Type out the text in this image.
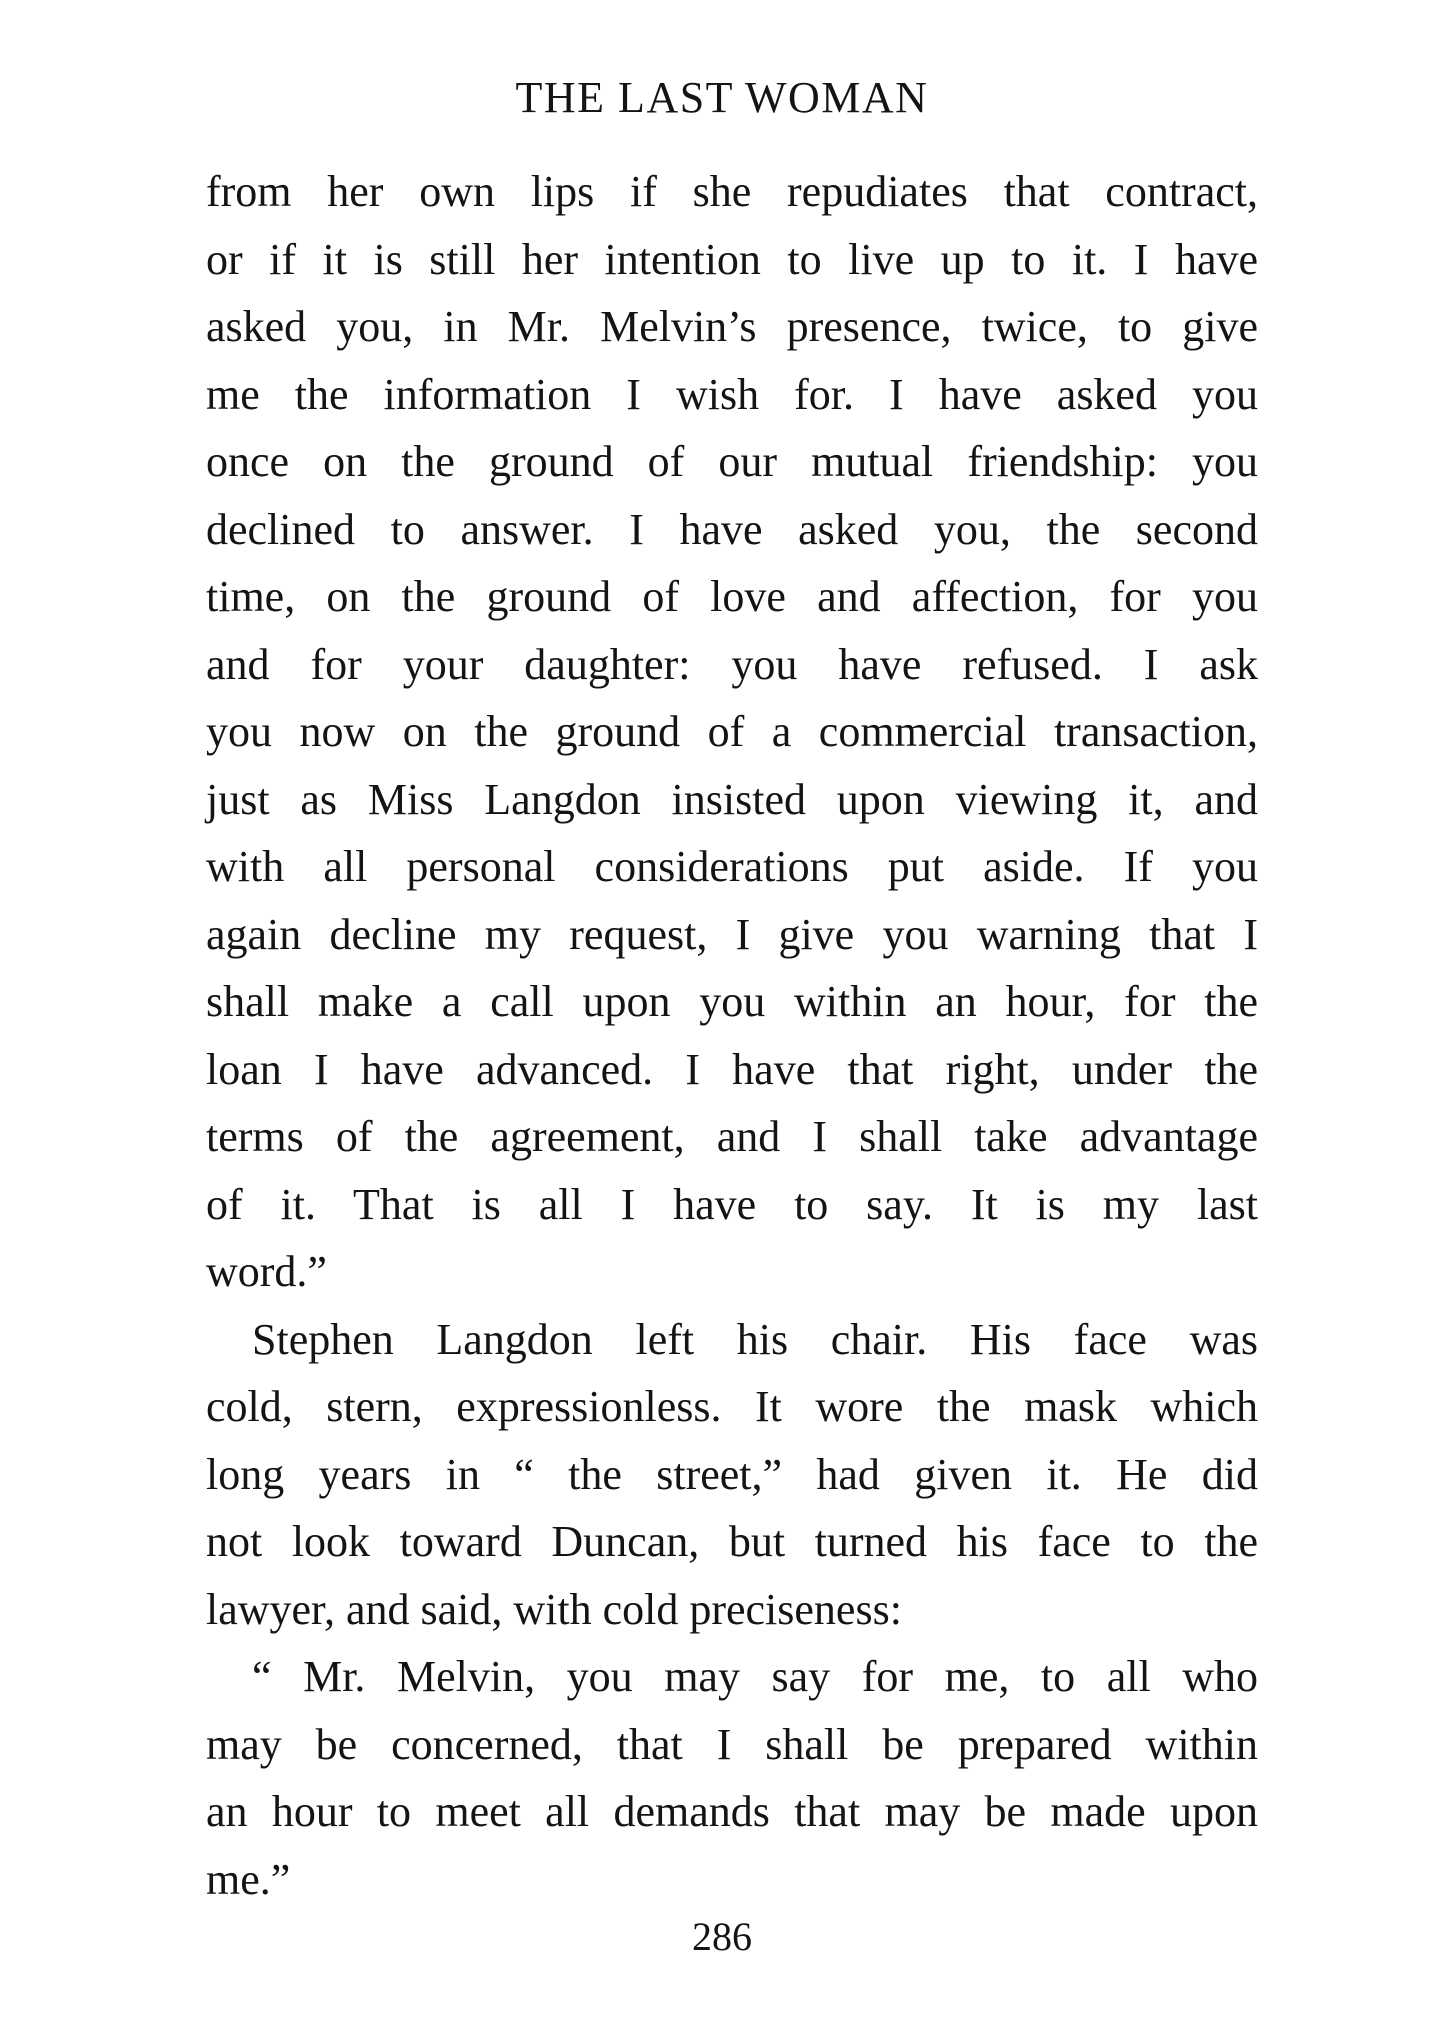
THE LAST WOMAN
from her own lips if she repudiates that contract,
or if it is still her intention to live up to it. I have
asked you, in Mr. Melvin’s presence, twice, to give
me the information I wish for. I have asked you
once on the ground of our mutual friendship: you
declined to answer. I have asked you, the second
time, on the ground of love and affection, for you
and for your daughter: you have refused. I ask
you now on the ground of a commercial transaction,
just as Miss Langdon insisted upon viewing it, and
with all personal considerations put aside. If you
again decline my request, I give you warning that I
shall make a call upon you within an hour, for the
loan I have advanced. I have that right, under the
terms of the agreement, and I shall take advantage
of it. That is all I have to say. It is my last
word.”
Stephen Langdon left his chair. His face was
cold, stern, expressionless. It wore the mask which
long years in “ the street,” had given it. He did
not look toward Duncan, but turned his face to the
lawyer, and said, with cold preciseness:
“ Mr. Melvin, you may say for me, to all who
may be concerned, that I shall be prepared within
an hour to meet all demands that may be made upon
me.”
286
